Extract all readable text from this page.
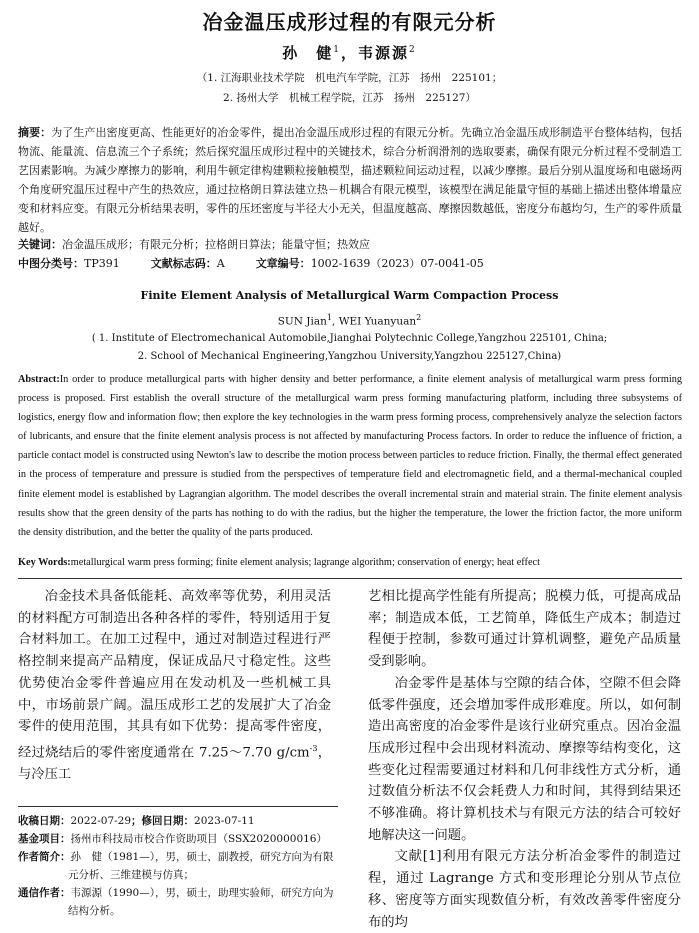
冶金温压成形过程的有限元分析
孙　健$^1$，韦源源$^2$
（1. 江海职业技术学院　机电汽车学院，江苏　扬州　225101；
2. 扬州大学　机械工程学院，江苏　扬州　225127）

摘要：为了生产出密度更高、性能更好的冶金零件，提出冶金温压成形过程的有限元分析。先确立冶金温压成形制造平台整体结构，包括物流、能量流、信息流三个子系统；然后探究温压成形过程中的关键技术，综合分析润滑剂的选取要素，确保有限元分析过程不受制造工艺因素影响。为减少摩擦力的影响，利用牛顿定律构建颗粒接触模型，描述颗粒间运动过程，以减少摩擦。最后分别从温度场和电磁场两个角度研究温压过程中产生的热效应，通过拉格朗日算法建立热－机耦合有限元模型，该模型在满足能量守恒的基础上描述出整体增量应变和材料应变。有限元分析结果表明，零件的压坯密度与半径大小无关，但温度越高、摩擦因数越低，密度分布越均匀，生产的零件质量越好。

关键词：冶金温压成形；有限元分析；拉格朗日算法；能量守恒；热效应
中图分类号：TP391	文献标志码：A	文章编号：1002-1639（2023）07-0041-05
Finite Element Analysis of Metallurgical Warm Compaction Process
SUN Jian$^1$, WEI Yuanyuan$^2$
( 1. Institute of Electromechanical Automobile,Jianghai Polytechnic College,Yangzhou 225101, China;
2. School of Mechanical Engineering,Yangzhou University,Yangzhou 225127,China)
Abstract:In order to produce metallurgical parts with higher density and better performance, a finite element analysis of metallurgical warm press forming process is proposed. First establish the overall structure of the metallurgical warm press forming manufacturing platform, including three subsystems of logistics, energy flow and information flow; then explore the key technologies in the warm press forming process, comprehensively analyze the selection factors of lubricants, and ensure that the finite element analysis process is not affected by manufacturing Process factors. In order to reduce the influence of friction, a particle contact model is constructed using Newton's law to describe the motion process between particles to reduce friction. Finally, the thermal effect generated in the process of temperature and pressure is studied from the perspectives of temperature field and electromagnetic field, and a thermal-mechanical coupled finite element model is established by Lagrangian algorithm. The model describes the overall incremental strain and material strain. The finite element analysis results show that the green density of the parts has nothing to do with the radius, but the higher the temperature, the lower the friction factor, the more uniform the density distribution, and the better the quality of the parts produced.
Key Words:metallurgical warm press forming; finite element analysis; lagrange algorithm; conservation of energy; heat effect

冶金技术具备低能耗、高效率等优势，利用灵活的材料配方可制造出各种各样的零件，特别适用于复合材料加工。在加工过程中，通过对制造过程进行严格控制来提高产品精度，保证成品尺寸稳定性。这些优势使冶金零件普遍应用在发动机及一些机械工具中，市场前景广阔。温压成形工艺的发展扩大了冶金零件的使用范围，其具有如下优势：提高零件密度，经过烧结后的零件密度通常在 7.25～7.70 $g/cm^{-3}$，与冷压工

艺相比提高学性能有所提高；脱模力低，可提高成品率；制造成本低，工艺简单，降低生产成本；制造过程便于控制，参数可通过计算机调整，避免产品质量受到影响。

冶金零件是基体与空隙的结合体，空隙不但会降低零件强度，还会增加零件成形难度。所以，如何制造出高密度的冶金零件是该行业研究重点。因冶金温压成形过程中会出现材料流动、摩擦等结构变化，这些变化过程需要通过材料和几何非线性方式分析，通过数值分析法不仅会耗费人力和时间，其得到结果还不够准确。将计算机技术与有限元方法的结合可较好地解决这一问题。

文献[1]利用有限元方法分析冶金零件的制造过程，通过 Lagrange 方式和变形理论分别从节点位移、密度等方面实现数值分析，有效改善零件密度分布的均

收稿日期：2022-07-29；修回日期：2023-07-11
基金项目：扬州市科技局市校合作资助项目（SSX2020000016）
作者简介：孙　健（1981—），男，硕士，副教授，研究方向为有限元分析、三维建模与仿真；
通信作者：韦源源（1990—），男，硕士，助理实验师，研究方向为结构分析。
